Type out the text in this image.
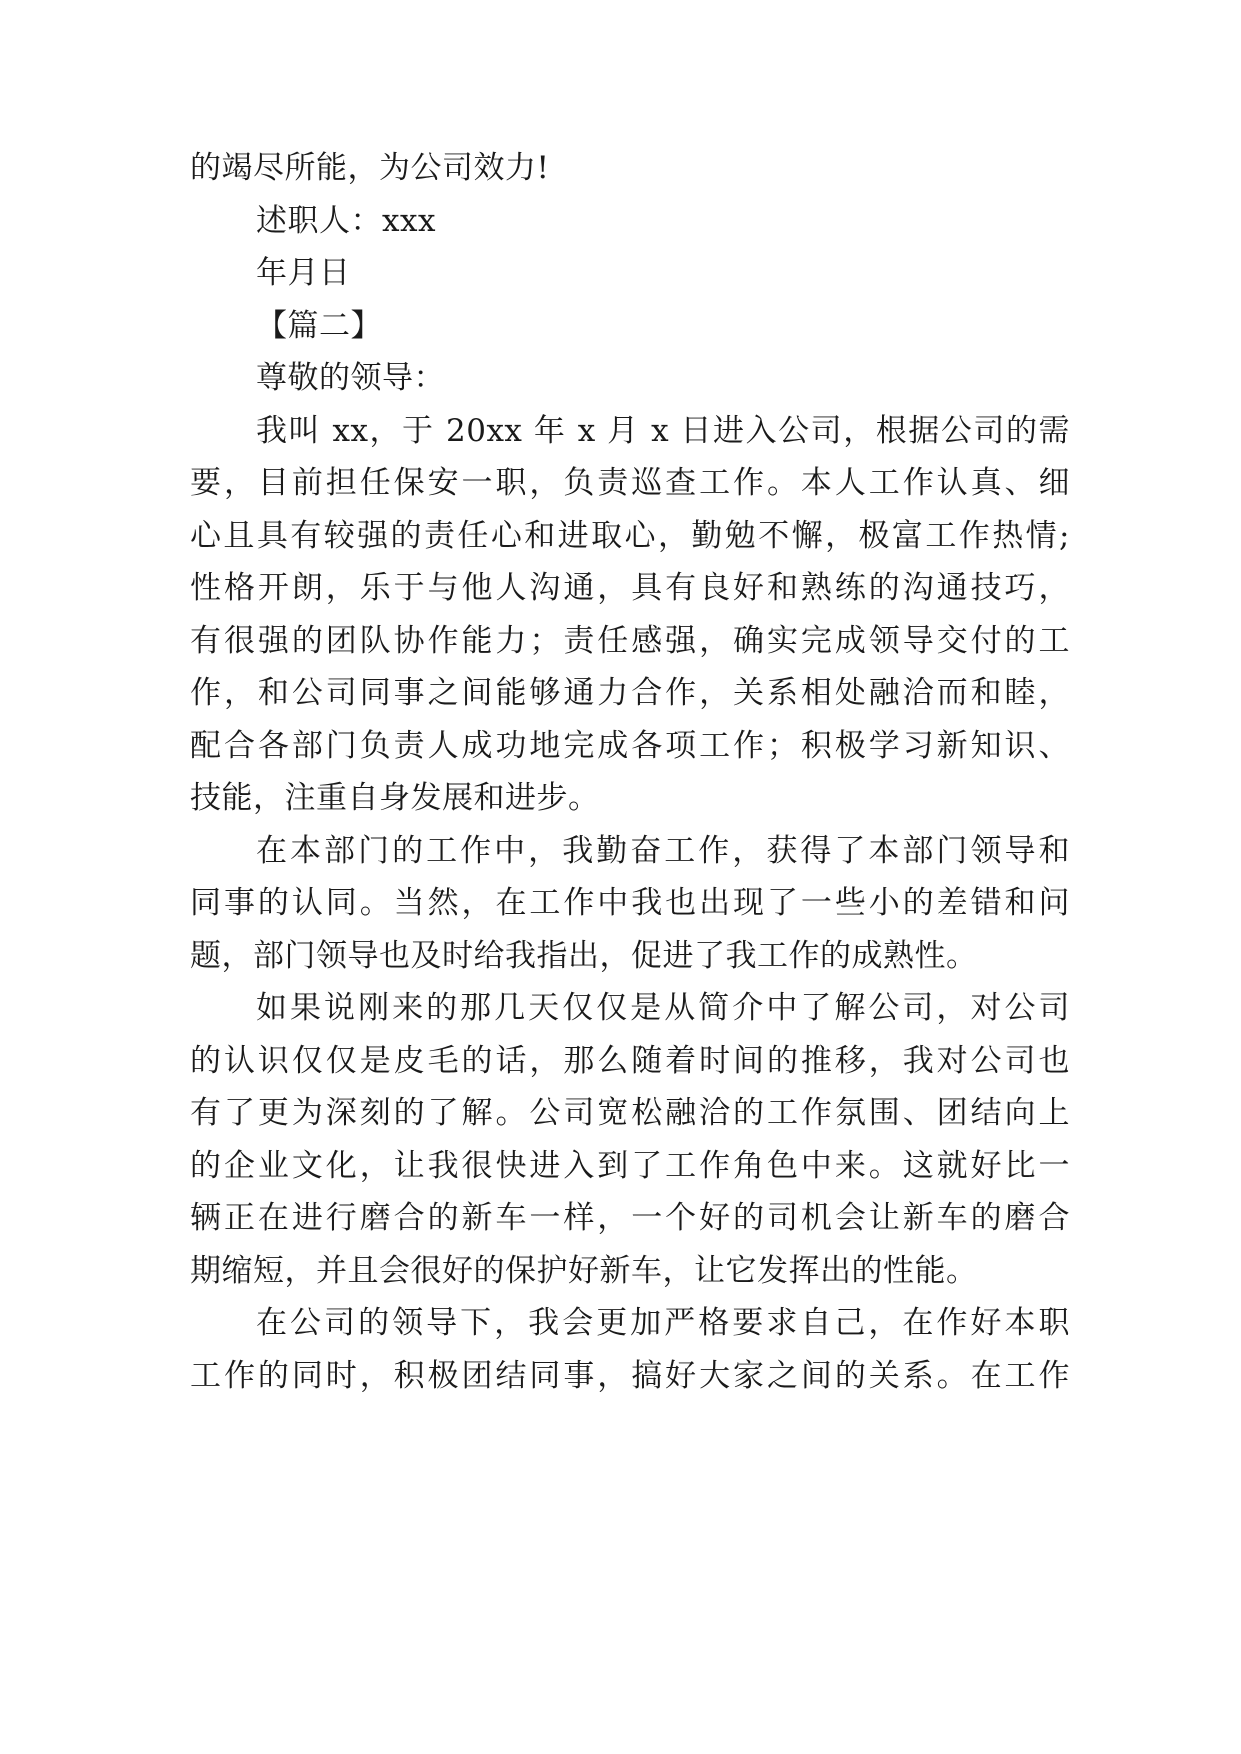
的竭尽所能，为公司效力!
述职人：xxx
年月日
【篇二】
尊敬的领导：
我叫 xx，于 20xx 年 x 月 x 日进入公司，根据公司的需
要，目前担任保安一职，负责巡查工作。本人工作认真、细
心且具有较强的责任心和进取心，勤勉不懈，极富工作热情;
性格开朗，乐于与他人沟通，具有良好和熟练的沟通技巧，
有很强的团队协作能力；责任感强，确实完成领导交付的工
作，和公司同事之间能够通力合作，关系相处融洽而和睦，
配合各部门负责人成功地完成各项工作；积极学习新知识、
技能，注重自身发展和进步。
在本部门的工作中，我勤奋工作，获得了本部门领导和
同事的认同。当然，在工作中我也出现了一些小的差错和问
题，部门领导也及时给我指出，促进了我工作的成熟性。
如果说刚来的那几天仅仅是从简介中了解公司，对公司
的认识仅仅是皮毛的话，那么随着时间的推移，我对公司也
有了更为深刻的了解。公司宽松融洽的工作氛围、团结向上
的企业文化，让我很快进入到了工作角色中来。这就好比一
辆正在进行磨合的新车一样，一个好的司机会让新车的磨合
期缩短，并且会很好的保护好新车，让它发挥出的性能。
在公司的领导下，我会更加严格要求自己，在作好本职
工作的同时，积极团结同事，搞好大家之间的关系。在工作
